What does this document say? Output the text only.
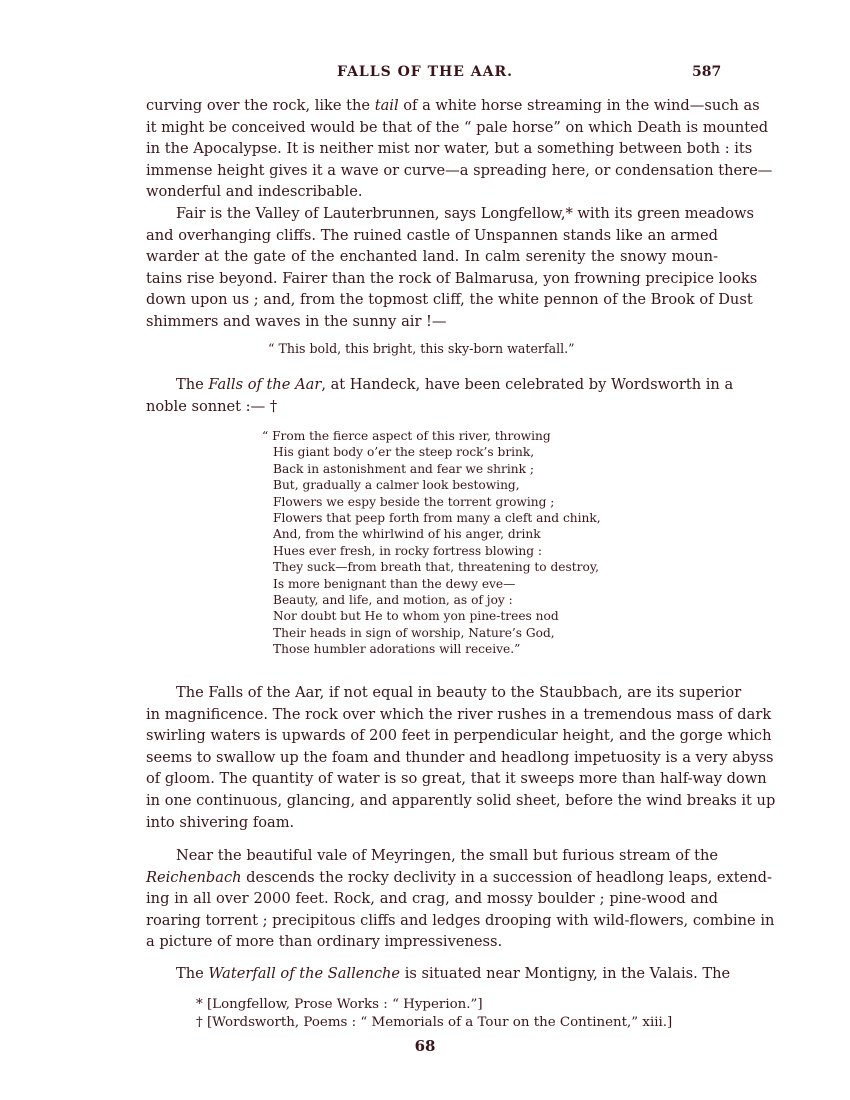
FALLS OF THE AAR.	587
curving over the rock, like the tail of a white horse streaming in the wind—such as
it might be conceived would be that of the “ pale horse” on which Death is mounted
in the Apocalypse. It is neither mist nor water, but a something between both : its
immense height gives it a wave or curve—a spreading here, or condensation there—
wonderful and indescribable.
Fair is the Valley of Lauterbrunnen, says Longfellow,* with its green meadows
and overhanging cliffs. The ruined castle of Unspannen stands like an armed
warder at the gate of the enchanted land. In calm serenity the snowy moun-
tains rise beyond. Fairer than the rock of Balmarusa, yon frowning precipice looks
down upon us ; and, from the topmost cliff, the white pennon of the Brook of Dust
shimmers and waves in the sunny air !—
“ This bold, this bright, this sky-born waterfall.”
The Falls of the Aar, at Handeck, have been celebrated by Wordsworth in a
noble sonnet :— †
“ From the fierce aspect of this river, throwing
His giant body o’er the steep rock’s brink,
Back in astonishment and fear we shrink ;
But, gradually a calmer look bestowing,
Flowers we espy beside the torrent growing ;
Flowers that peep forth from many a cleft and chink,
And, from the whirlwind of his anger, drink
Hues ever fresh, in rocky fortress blowing :
They suck—from breath that, threatening to destroy,
Is more benignant than the dewy eve—
Beauty, and life, and motion, as of joy :
Nor doubt but He to whom yon pine-trees nod
Their heads in sign of worship, Nature’s God,
Those humbler adorations will receive.”
The Falls of the Aar, if not equal in beauty to the Staubbach, are its superior
in magnificence. The rock over which the river rushes in a tremendous mass of dark
swirling waters is upwards of 200 feet in perpendicular height, and the gorge which
seems to swallow up the foam and thunder and headlong impetuosity is a very abyss
of gloom. The quantity of water is so great, that it sweeps more than half-way down
in one continuous, glancing, and apparently solid sheet, before the wind breaks it up
into shivering foam.
Near the beautiful vale of Meyringen, the small but furious stream of the
Reichenbach descends the rocky declivity in a succession of headlong leaps, extend-
ing in all over 2000 feet. Rock, and crag, and mossy boulder ; pine-wood and
roaring torrent ; precipitous cliffs and ledges drooping with wild-flowers, combine in
a picture of more than ordinary impressiveness.
The Waterfall of the Sallenche is situated near Montigny, in the Valais. The
* [Longfellow, Prose Works : “ Hyperion.”]
† [Wordsworth, Poems : “ Memorials of a Tour on the Continent,” xiii.]
68
